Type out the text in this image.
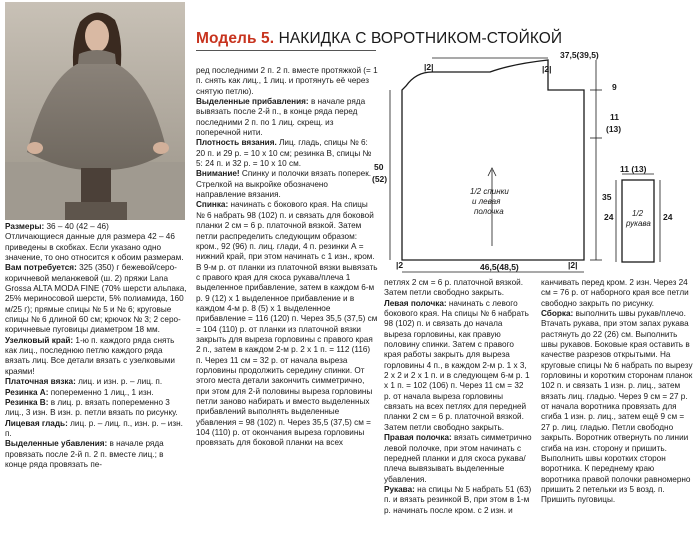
Модель 5. НАКИДКА С ВОРОТНИКОМ-СТОЙКОЙ

Размеры: 36 – 40 (42 – 46)

Отличающиеся данные для размера 42 – 46 приведены в скобках. Если указано одно значение, то оно относится к обоим размерам.

Вам потребуется: 325 (350) г бежевой/серо-коричневой меланжевой (ш. 2) пряжи Lana Grossa ALTA MODA FINE (70% шерсти альпака, 25% мериносовой шерсти, 5% полиамида, 160 м/25 г); прямые спицы № 5 и № 6; круговые спицы № 6 длиной 60 см; крючок № 3; 2 серо-коричневые пуговицы диаметром 18 мм.

Узелковый край: 1-ю п. каждого ряда снять как лиц., последнюю петлю каждого ряда вязать лиц. Все детали вязать с узелковыми краями!

Платочная вязка: лиц. и изн. р. – лиц. п.

Резинка А: попеременно 1 лиц., 1 изн.

Резинка В: в лиц. р. вязать попеременно 3 лиц., 3 изн. В изн. р. петли вязать по рисунку.

Лицевая гладь: лиц. р. – лиц. п., изн. р. – изн. п.

Выделенные убавления: в начале ряда провязать после 2-й п. 2 п. вместе лиц.; в конце ряда провязать пе-

ред последними 2 п. 2 п. вместе протяжкой (= 1 п. снять как лиц., 1 лиц. и протянуть её через снятую петлю).

Выделенные прибавления: в начале ряда вывязать после 2-й п., в конце ряда перед последними 2 п. по 1 лиц. скрещ. из поперечной нити.

Плотность вязания. Лиц. гладь, спицы № 6: 20 п. и 29 р. = 10 х 10 см; резинка В, спицы № 5: 24 п. и 32 р. = 10 х 10 см.

Внимание! Спинку и полочки вязать поперек. Стрелкой на выкройке обозначено направление вязания.

Спинка: начинать с бокового края. На спицы № 6 набрать 98 (102) п. и связать для боковой планки 2 см = 6 р. платочной вязкой. Затем петли распределить следующим образом: кром., 92 (96) п. лиц. глади, 4 п. резинки А = нижний край, при этом начинать с 1 изн., кром. В 9-м р. от планки из платочной вязки вывязать с правого края для скоса рукава/плеча 1 выделенное прибавление, затем в каждом 6-м р. 9 (12) х 1 выделенное прибавление и в каждом 4-м р. 8 (5) х 1 выделенное прибавление = 116 (120) п. Через 35,5 (37,5) см = 104 (110) р. от планки из платочной вязки закрыть для выреза горловины с правого края 2 п., затем в каждом 2-м р. 2 х 1 п. = 112 (116) п. Через 11 см = 32 р. от начала выреза горловины продолжить середину спинки. От этого места детали закончить симметрично, при этом для 2-й половины выреза горловины петли заново набирать и вместо выделенных прибавлений выполнять выделенные убавления = 98 (102) п. Через 35,5 (37,5) см = 104 (110) р. от окончания выреза горловины провязать для боковой планки на всех

петлях 2 см = 6 р. платочной вязкой. Затем петли свободно закрыть.

Левая полочка: начинать с левого бокового края. На спицы № 6 набрать 98 (102) п. и связать до начала выреза горловины, как правую половину спинки. Затем с правого края работы закрыть для выреза горловины 4 п., в каждом 2-м р. 1 х 3, 2 х 2 и 2 х 1 п. и в следующем 6-м р. 1 х 1 п. = 102 (106) п. Через 11 см = 32 р. от начала выреза горловины связать на всех петлях для передней планки 2 см = 6 р. платочной вязкой. Затем петли свободно закрыть.

Правая полочка: вязать симметрично левой полочке, при этом начинать с передней планки и для скоса рукава/плеча вывязывать выделенные убавления.

Рукава: на спицы № 5 набрать 51 (63) п. и вязать резинкой В, при этом в 1-м р. начинать после кром. с 2 изн. и

канчивать перед кром. 2 изн. Через 24 см = 76 р. от наборного края все петли свободно закрыть по рисунку.

Сборка: выполнить швы рукав/плечо. Втачать рукава, при этом запах рукава растянуть до 22 (26) см. Выполнить швы рукавов. Боковые края оставить в качестве разрезов открытыми. На круговые спицы № 6 набрать по вырезу горловины и коротким сторонам планок 102 п. и связать 1 изн. р. лиц., затем вязать лиц. гладью. Через 9 см = 27 р. от начала воротника провязать для сгиба 1 изн. р. лиц., затем ещё 9 см = 27 р. лиц. гладью. Петли свободно закрыть. Воротник отвернуть по линии сгиба на изн. сторону и пришить. Выполнить швы коротких сторон воротника. К переднему краю воротника правой полочки равномерно пришить 2 петельки из 5 возд. п. Пришить пуговицы.

|2|	|2|
37,5(39,5)
9
11
(13)
50
(52)
35
|2	|2|
46,5(48,5)
1/2 спинки
и левая
полочка
11 (13)
24	24
1/2
рукава
